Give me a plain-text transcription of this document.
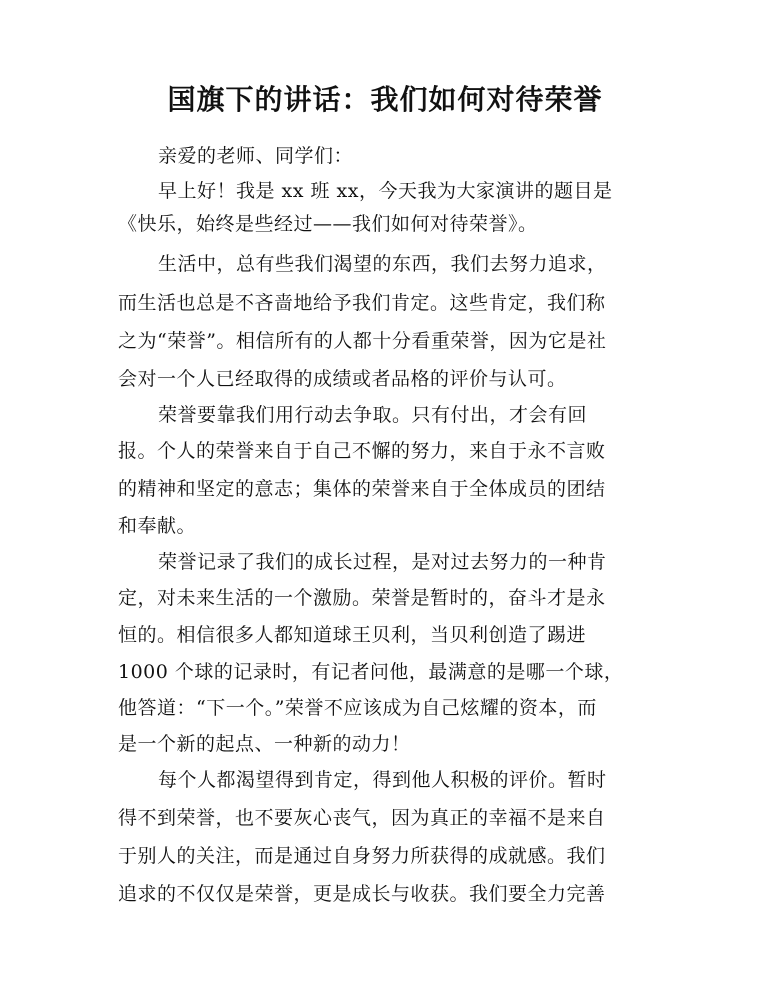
国旗下的讲话：我们如何对待荣誉
亲爱的老师、同学们：
早上好！我是 xx 班 xx，今天我为大家演讲的题目是
《快乐，始终是些经过——我们如何对待荣誉》。
生活中，总有些我们渴望的东西，我们去努力追求，
而生活也总是不吝啬地给予我们肯定。这些肯定，我们称
之为“荣誉”。相信所有的人都十分看重荣誉，因为它是社
会对一个人已经取得的成绩或者品格的评价与认可。
荣誉要靠我们用行动去争取。只有付出，才会有回
报。个人的荣誉来自于自己不懈的努力，来自于永不言败
的精神和坚定的意志；集体的荣誉来自于全体成员的团结
和奉献。
荣誉记录了我们的成长过程，是对过去努力的一种肯
定，对未来生活的一个激励。荣誉是暂时的，奋斗才是永
恒的。相信很多人都知道球王贝利，当贝利创造了踢进
1000 个球的记录时，有记者问他，最满意的是哪一个球，
他答道：“下一个。”荣誉不应该成为自己炫耀的资本，而
是一个新的起点、一种新的动力！
每个人都渴望得到肯定，得到他人积极的评价。暂时
得不到荣誉，也不要灰心丧气，因为真正的幸福不是来自
于别人的关注，而是通过自身努力所获得的成就感。我们
追求的不仅仅是荣誉，更是成长与收获。我们要全力完善
